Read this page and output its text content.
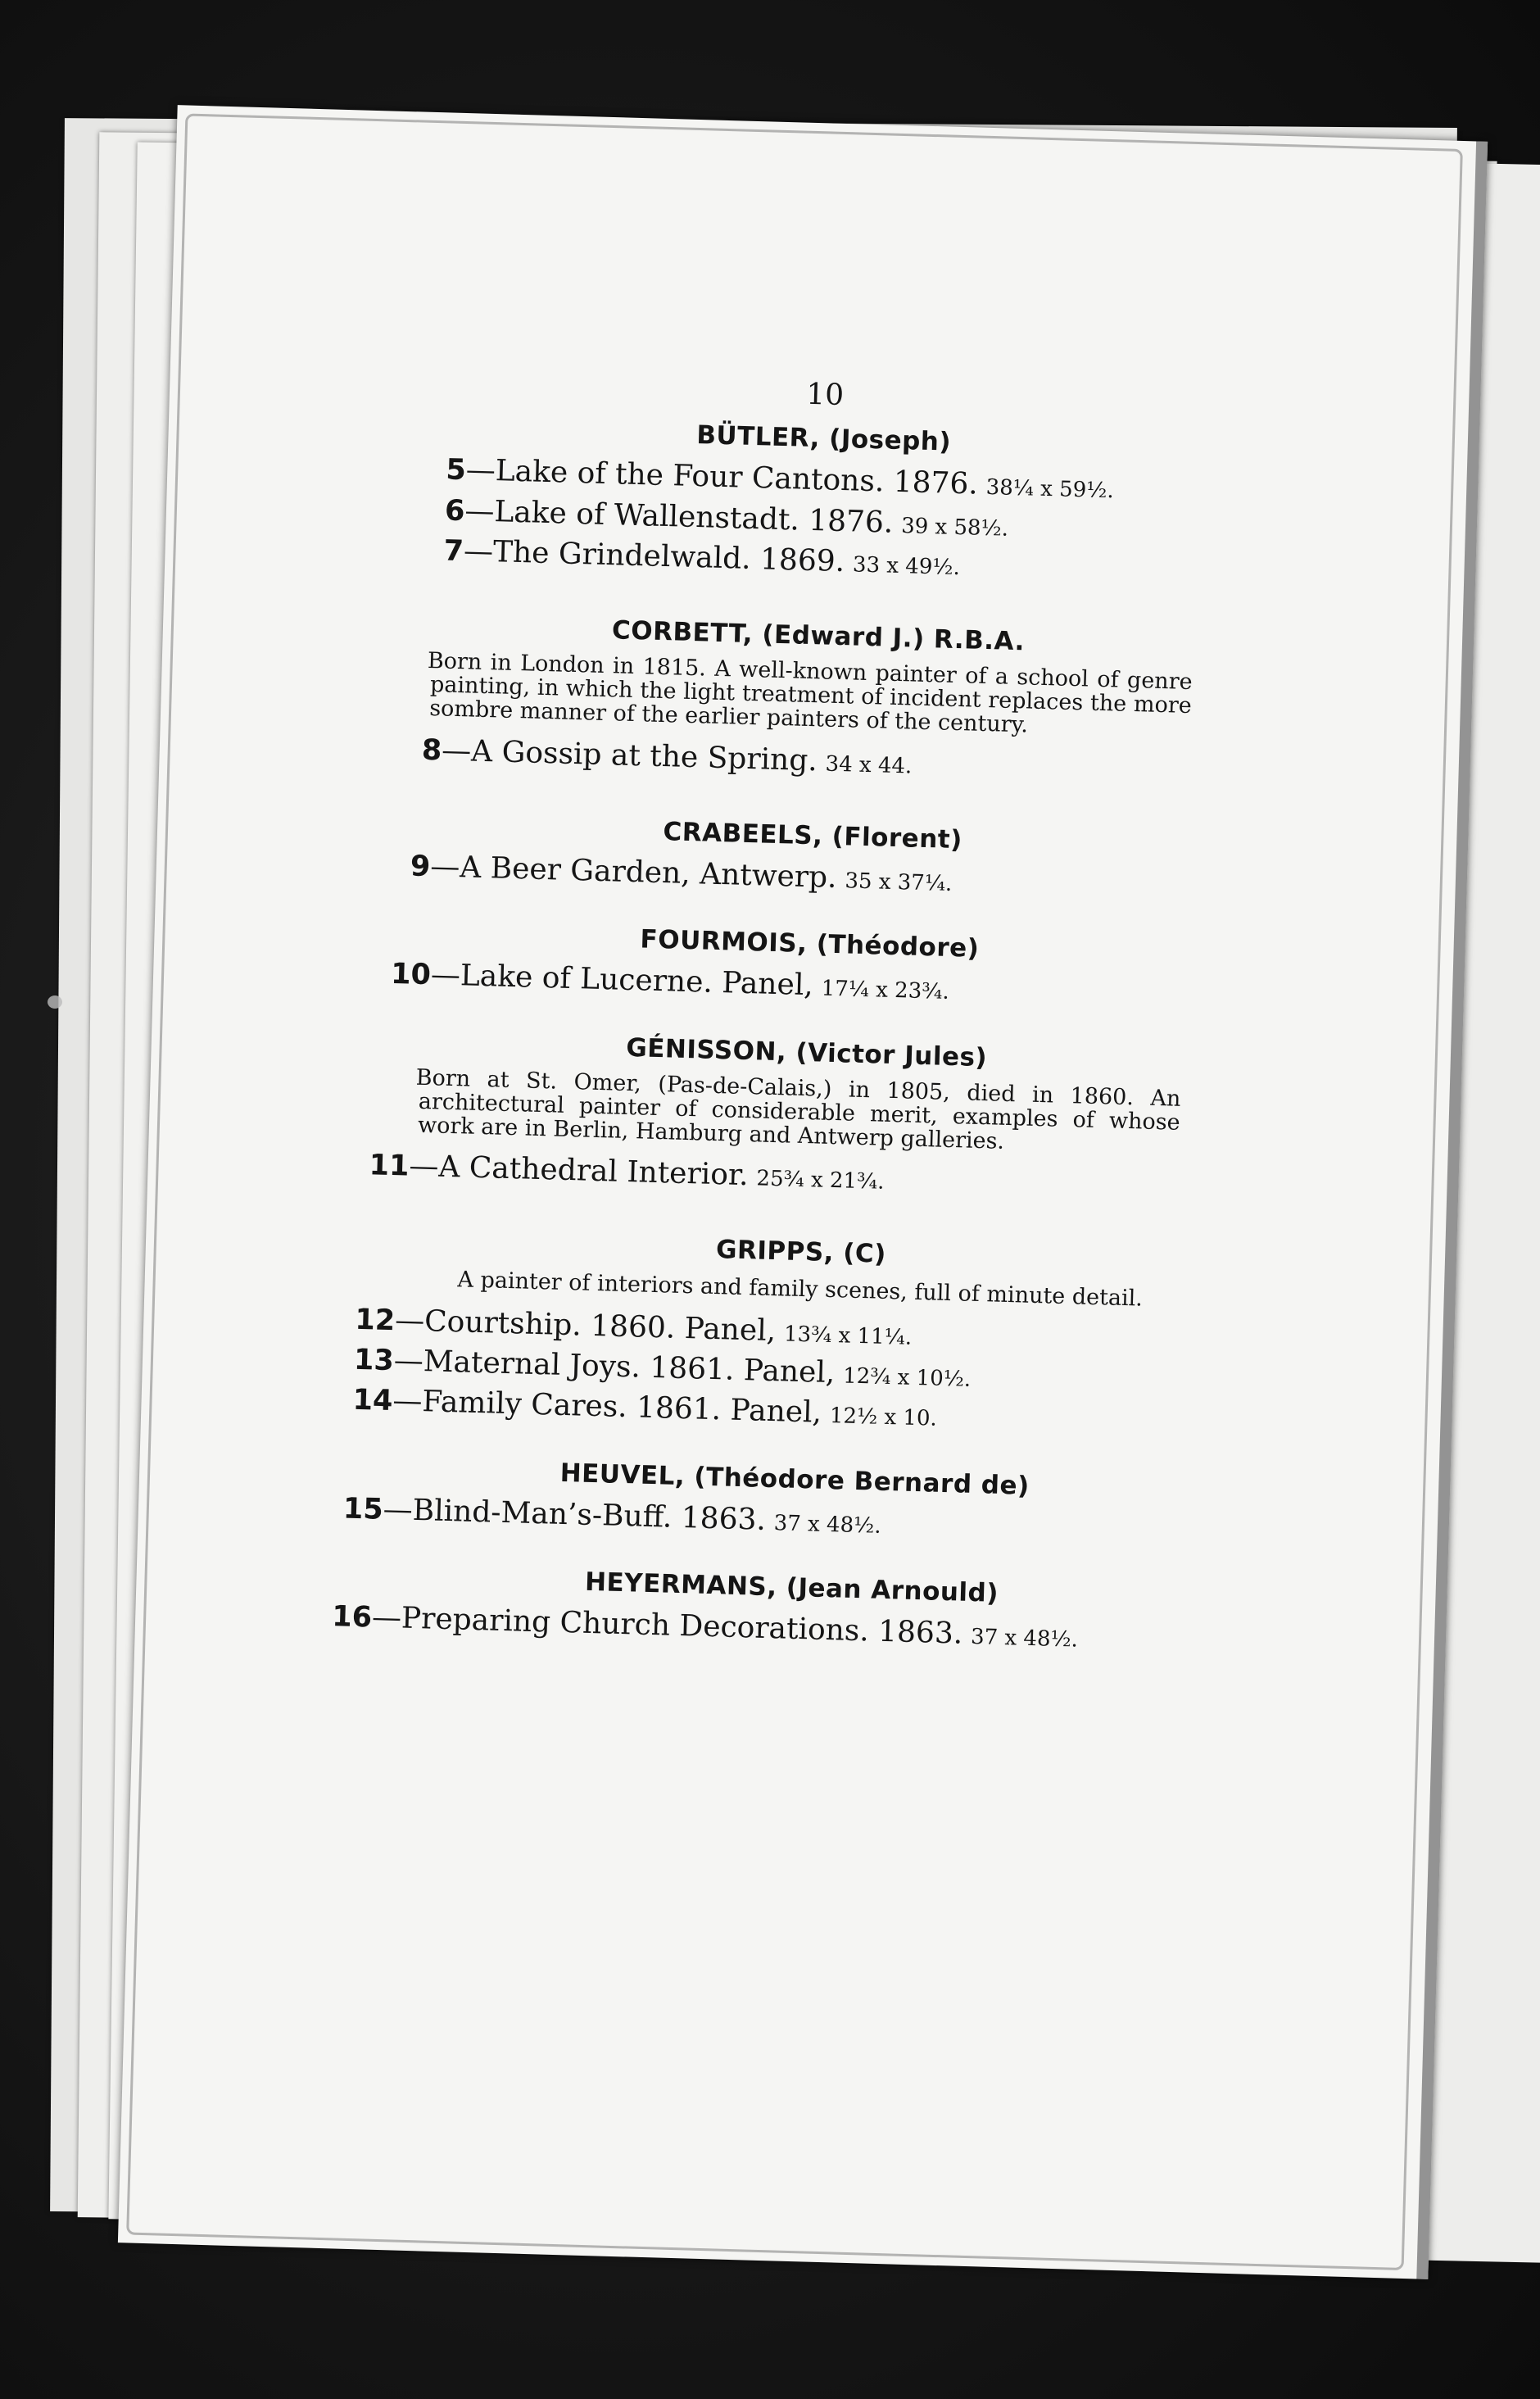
10
BÜTLER, (Joseph)
5—Lake of the Four Cantons. 1876. 38¼ x 59½.
6—Lake of Wallenstadt. 1876. 39 x 58½.
7—The Grindelwald. 1869. 33 x 49½.
CORBETT, (Edward J.) R.B.A.
Born in London in 1815. A well-known painter of a school of genre painting, in which the light treatment of incident replaces the more sombre manner of the earlier painters of the century.
8—A Gossip at the Spring. 34 x 44.
CRABEELS, (Florent)
9—A Beer Garden, Antwerp. 35 x 37¼.
FOURMOIS, (Théodore)
10—Lake of Lucerne. Panel, 17¼ x 23¾.
GÉNISSON, (Victor Jules)
Born at St. Omer, (Pas-de-Calais,) in 1805, died in 1860. An architectural painter of considerable merit, examples of whose work are in Berlin, Hamburg and Antwerp galleries.
11—A Cathedral Interior. 25¾ x 21¾.
GRIPPS, (C)
A painter of interiors and family scenes, full of minute detail.
12—Courtship. 1860. Panel, 13¾ x 11¼.
13—Maternal Joys. 1861. Panel, 12¾ x 10½.
14—Family Cares. 1861. Panel, 12½ x 10.
HEUVEL, (Théodore Bernard de)
15—Blind-Man’s-Buff. 1863. 37 x 48½.
HEYERMANS, (Jean Arnould)
16—Preparing Church Decorations. 1863. 37 x 48½.
